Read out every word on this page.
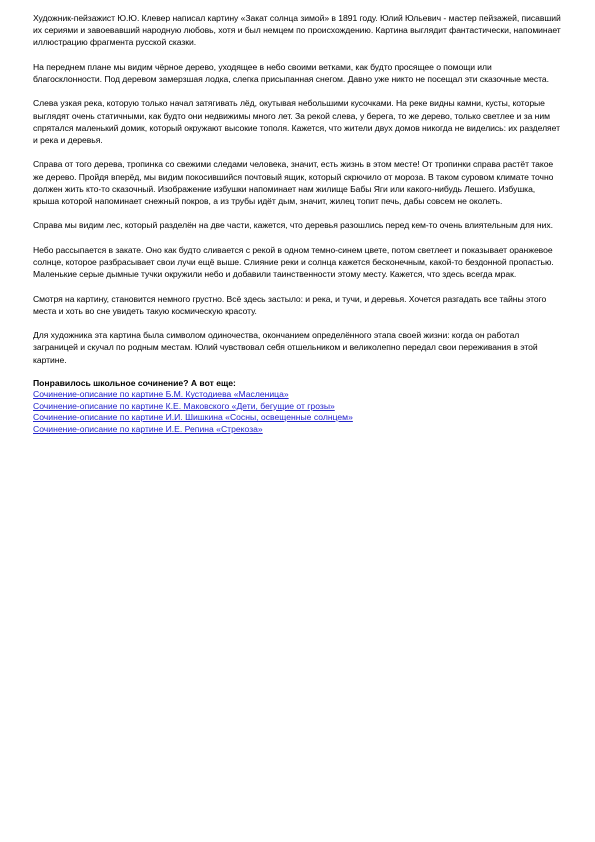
Художник-пейзажист Ю.Ю. Клевер написал картину «Закат солнца зимой» в 1891 году. Юлий Юльевич - мастер пейзажей, писавший их сериями и завоевавший народную любовь, хотя и был немцем по происхождению. Картина выглядит фантастически, напоминает иллюстрацию фрагмента русской сказки.

На переднем плане мы видим чёрное дерево, уходящее в небо своими ветками, как будто просящее о помощи или благосклонности. Под деревом замерзшая лодка, слегка присыпанная снегом. Давно уже никто не посещал эти сказочные места.

Слева узкая река, которую только начал затягивать лёд, окутывая небольшими кусочками. На реке видны камни, кусты, которые выглядят очень статичными, как будто они недвижимы много лет. За рекой слева, у берега, то же дерево, только светлее и за ним спрятался маленький домик, который окружают высокие тополя. Кажется, что жители двух домов никогда не виделись: их разделяет и река и деревья.

Справа от того дерева, тропинка со свежими следами человека, значит, есть жизнь в этом месте! От тропинки справа растёт такое же дерево. Пройдя вперёд, мы видим покосившийся почтовый ящик, который скрючило от мороза. В таком суровом климате точно должен жить кто-то сказочный. Изображение избушки напоминает нам жилище Бабы Яги или какого-нибудь Лешего. Избушка, крыша которой напоминает снежный покров, а из трубы идёт дым, значит, жилец топит печь, дабы совсем не околеть.

Справа мы видим лес, который разделён на две части, кажется, что деревья разошлись перед кем-то очень влиятельным для них.

Небо рассыпается в закате. Оно как будто сливается с рекой в одном темно-синем цвете, потом светлеет и показывает оранжевое солнце, которое разбрасывает свои лучи ещё выше. Слияние реки и солнца кажется бесконечным, какой-то бездонной пропастью. Маленькие серые дымные тучки окружили небо и добавили таинственности этому месту. Кажется, что здесь всегда мрак.

Смотря на картину, становится немного грустно. Всё здесь застыло: и река, и тучи, и деревья. Хочется разгадать все тайны этого места и хоть во сне увидеть такую космическую красоту.

Для художника эта картина была символом одиночества, окончанием определённого этапа своей жизни: когда он работал заграницей и скучал по родным местам. Юлий чувствовал себя отшельником и великолепно передал свои переживания в этой картине.

Понравилось школьное сочинение? А вот еще:

Сочинение-описание по картине Б.М. Кустодиева «Масленица»
Сочинение-описание по картине К.Е. Маковского «Дети, бегущие от грозы»
Сочинение-описание по картине И.И. Шишкина «Сосны, освещенные солнцем»
Сочинение-описание по картине И.Е. Репина «Стрекоза»
